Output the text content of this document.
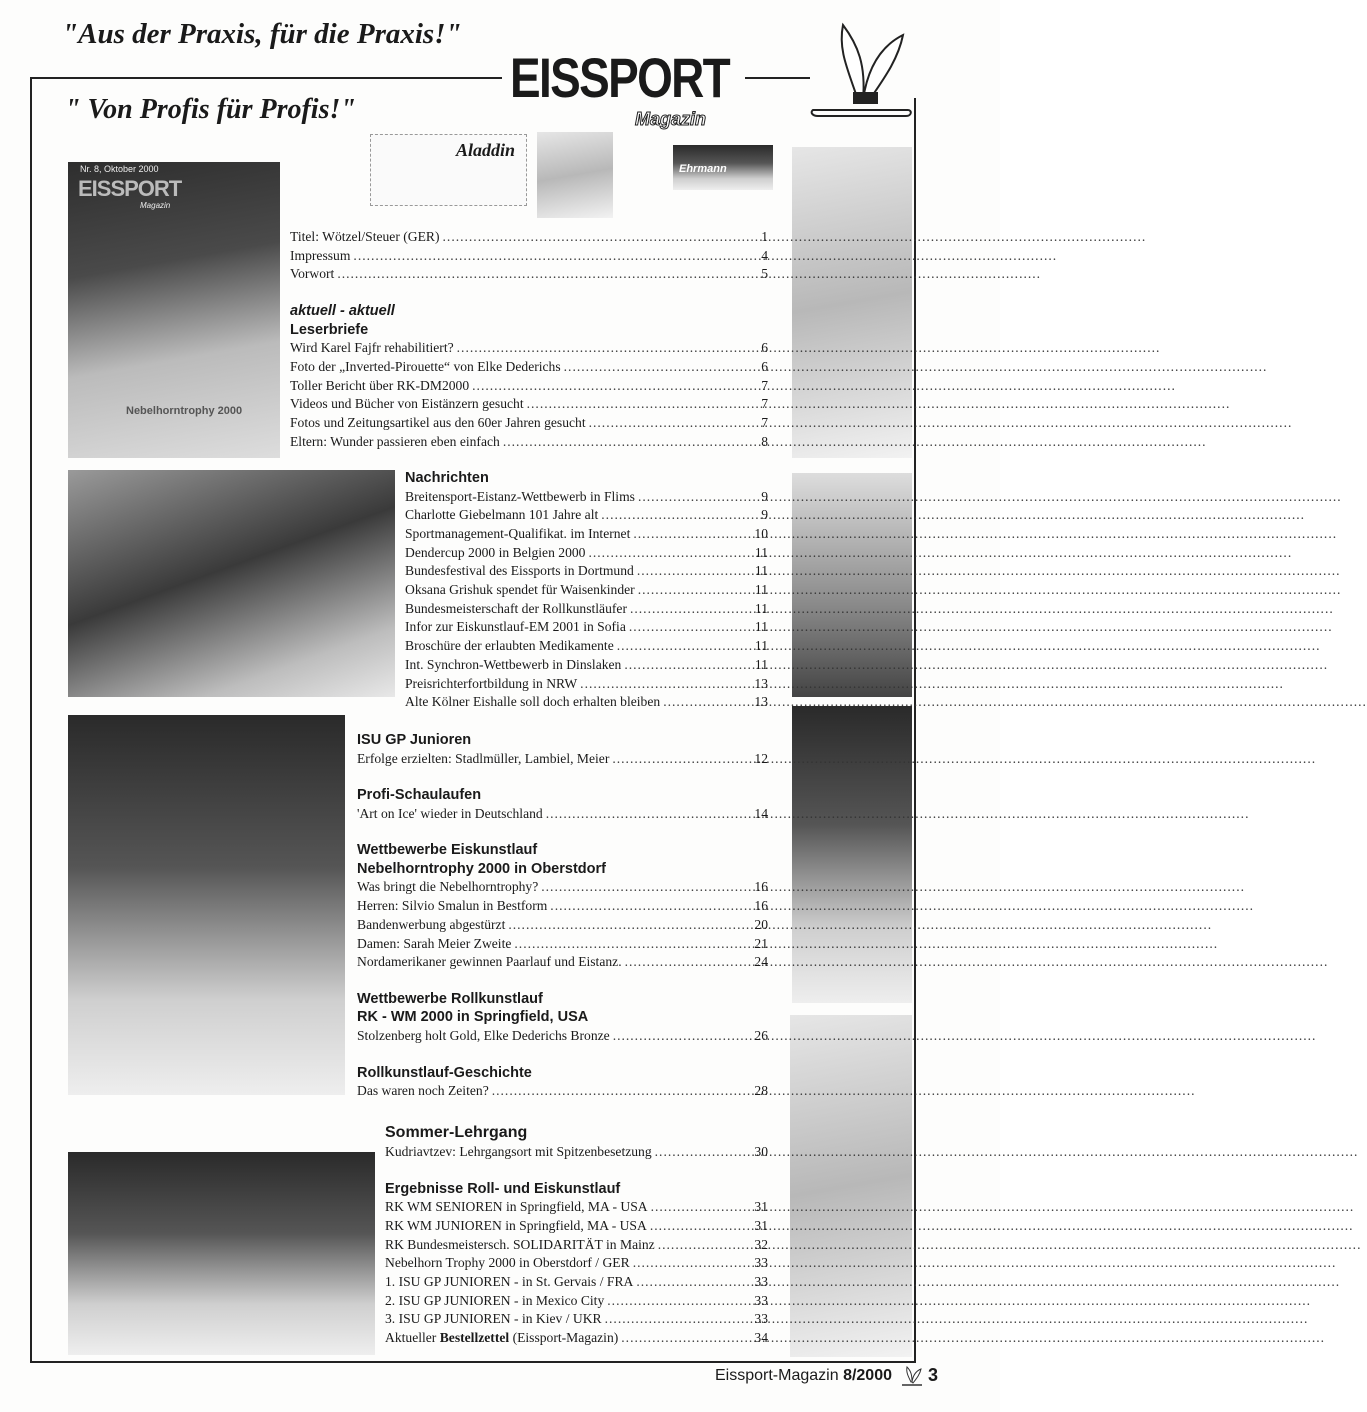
"Aus der Praxis, für die Praxis!"
" Von Profis für Profis!"
EISSPORT
Magazin
Aladdin
Ehrmann
Nr. 8, Oktober 2000
EISSPORT
Magazin
Nebelhorntrophy 2000
Titel: Wötzel/Steuer (GER) .....	1
Impressum .....	4
Vorwort .....	5
aktuell - aktuell
Leserbriefe
Wird Karel Fajfr rehabilitiert? .....	6
Foto der „Inverted-Pirouette“ von Elke Dederichs .....	6
Toller Bericht über RK-DM2000 .....	7
Videos und Bücher von Eistänzern gesucht .....	7
Fotos und Zeitungsartikel aus den 60er Jahren gesucht .....	7
Eltern: Wunder passieren eben einfach .....	8
Nachrichten
Breitensport-Eistanz-Wettbewerb in Flims .....	9
Charlotte Giebelmann 101 Jahre alt .....	9
Sportmanagement-Qualifikat. im Internet .....	10
Dendercup 2000 in Belgien 2000 .....	11
Bundesfestival des Eissports in Dortmund .....	11
Oksana Grishuk spendet für Waisenkinder .....	11
Bundesmeisterschaft der Rollkunstläufer .....	11
Infor zur Eiskunstlauf-EM 2001 in Sofia .....	11
Broschüre der erlaubten Medikamente .....	11
Int. Synchron-Wettbewerb in Dinslaken .....	11
Preisrichterfortbildung in NRW .....	13
Alte Kölner Eishalle soll doch erhalten bleiben .....	13
ISU GP Junioren
Erfolge erzielten: Stadlmüller, Lambiel, Meier .....	12
Profi-Schaulaufen
'Art on Ice' wieder in Deutschland .....	14
Wettbewerbe Eiskunstlauf
Nebelhorntrophy 2000 in Oberstdorf
Was bringt die Nebelhorntrophy? .....	16
Herren: Silvio Smalun in Bestform .....	16
Bandenwerbung abgestürzt .....	20
Damen: Sarah Meier Zweite .....	21
Nordamerikaner gewinnen Paarlauf und Eistanz. .....	24
Wettbewerbe Rollkunstlauf
RK - WM 2000 in Springfield, USA
Stolzenberg holt Gold, Elke Dederichs Bronze .....	26
Rollkunstlauf-Geschichte
Das waren noch Zeiten? .....	28
Sommer-Lehrgang
Kudriavtzev: Lehrgangsort mit Spitzenbesetzung .....	30
Ergebnisse Roll- und Eiskunstlauf
RK WM SENIOREN in Springfield, MA - USA .....	31
RK WM JUNIOREN in Springfield, MA - USA .....	31
RK Bundesmeistersch. SOLIDARITÄT in Mainz .....	32
Nebelhorn Trophy 2000 in Oberstdorf / GER .....	33
1. ISU GP JUNIOREN - in St. Gervais / FRA .....	33
2. ISU GP JUNIOREN - in Mexico City .....	33
3. ISU GP JUNIOREN - in Kiev / UKR .....	33
Aktueller Bestellzettel (Eissport-Magazin) .....	34
Eissport-Magazin 8/2000 3
